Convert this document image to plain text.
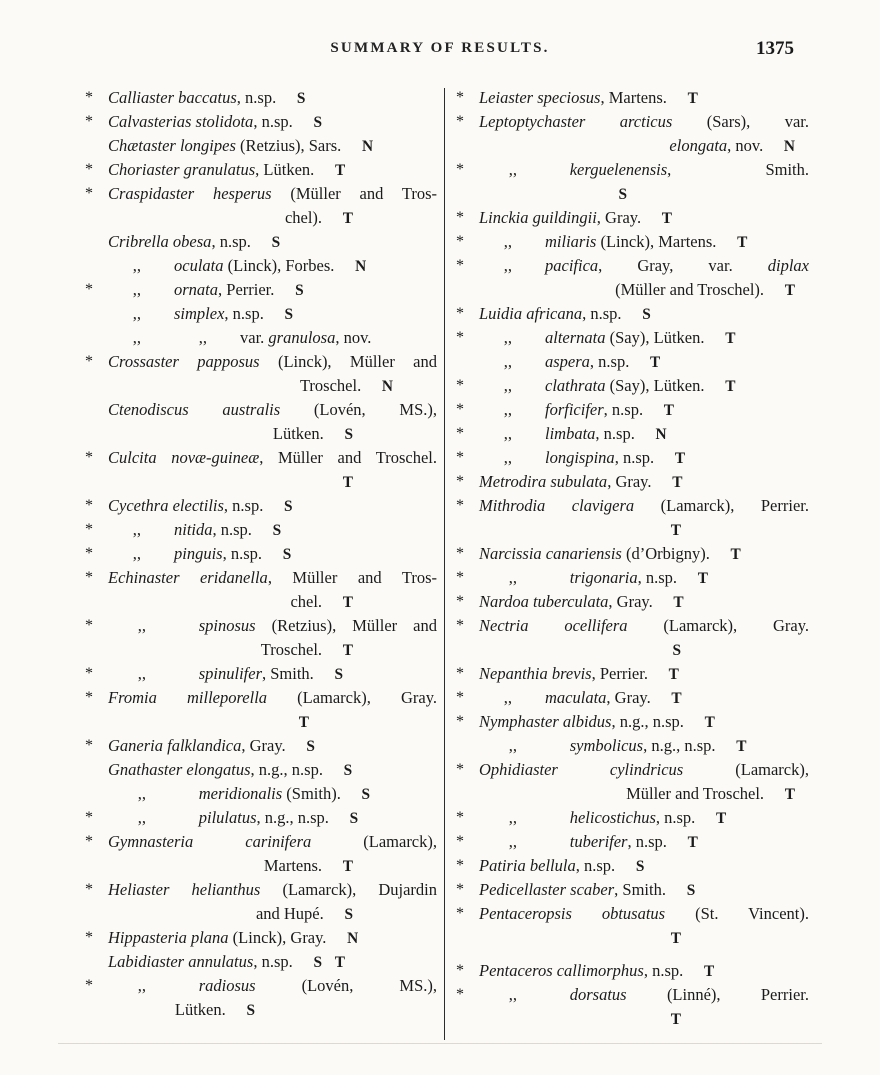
SUMMARY OF RESULTS.	1375
* Calliaster baccatus, n.sp. S
* Calvasterias stolidota, n.sp. S
Chætaster longipes (Retzius), Sars. N
* Choriaster granulatus, Lütken. T
* Craspidaster hesperus (Müller and Tros-
chel). T
Cribrella obesa, n.sp. S
,, oculata (Linck), Forbes. N
* ,, ornata, Perrier. S
,, simplex, n.sp. S
,,	,, var. granulosa, nov.
* Crossaster papposus (Linck), Müller and
Troschel. N
Ctenodiscus australis (Lovén, MS.),
Lütken. S
* Culcita novæ-guineæ, Müller and Troschel.
T
* Cycethra electilis, n.sp. S
* ,, nitida, n.sp. S
* ,, pinguis, n.sp. S
* Echinaster eridanella, Müller and Tros-
chel. T
*	,,	spinosus (Retzius), Müller and
Troschel. T
*	,,	spinulifer, Smith. S
* Fromia milleporella (Lamarck), Gray.
T
* Ganeria falklandica, Gray. S
Gnathaster elongatus, n.g., n.sp. S
,,	meridionalis (Smith). S
*	,,	pilulatus, n.g., n.sp. S
* Gymnasteria carinifera (Lamarck),
Martens. T
* Heliaster helianthus (Lamarck), Dujardin
and Hupé. S
* Hippasteria plana (Linck), Gray. N
Labidiaster annulatus, n.sp. S T
*	,,	radiosus (Lovén, MS.),
Lütken. S
* Leiaster speciosus, Martens. T
* Leptoptychaster arcticus (Sars), var.
elongata, nov. N
*	,,	kerguelenensis, Smith.
S
* Linckia guildingii, Gray. T
* ,, miliaris (Linck), Martens. T
* ,, pacifica, Gray, var. diplax
(Müller and Troschel). T
* Luidia africana, n.sp. S
* ,, alternata (Say), Lütken. T
,, aspera, n.sp. T
* ,, clathrata (Say), Lütken. T
* ,, forficifer, n.sp. T
* ,, limbata, n.sp. N
* ,, longispina, n.sp. T
* Metrodira subulata, Gray. T
* Mithrodia clavigera (Lamarck), Perrier.
T
* Narcissia canariensis (d’Orbigny). T
*	,,	trigonaria, n.sp. T
* Nardoa tuberculata, Gray. T
* Nectria ocellifera (Lamarck), Gray.
S
* Nepanthia brevis, Perrier. T
* ,, maculata, Gray. T
* Nymphaster albidus, n.g., n.sp. T
,,	symbolicus, n.g., n.sp. T
* Ophidiaster cylindricus (Lamarck),
Müller and Troschel. T
*	,,	helicostichus, n.sp. T
*	,,	tuberifer, n.sp. T
* Patiria bellula, n.sp. S
* Pedicellaster scaber, Smith. S
* Pentaceropsis obtusatus (St. Vincent).
T
* Pentaceros callimorphus, n.sp. T
*	,,	dorsatus (Linné), Perrier.
T
